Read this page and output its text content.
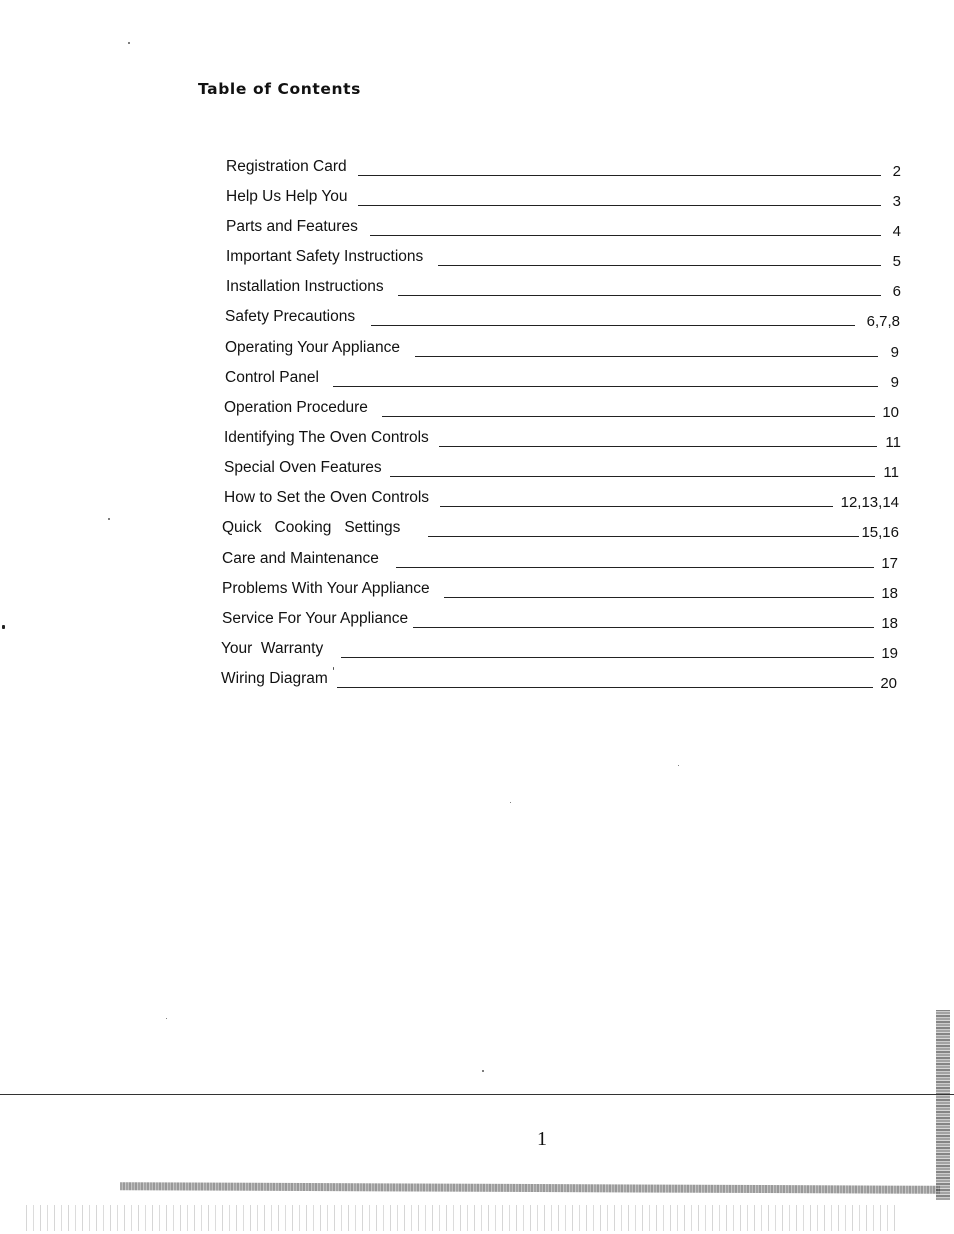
Table of Contents
Registration Card	2
Help Us Help You	3
Parts and Features	4
Important Safety Instructions	5
Installation Instructions	6
Safety Precautions	6,7,8
Operating Your Appliance	9
Control Panel	9
Operation Procedure	10
Identifying The Oven Controls	11
Special Oven Features	11
How to Set the Oven Controls	12,13,14
Quick   Cooking   Settings	15,16
Care and Maintenance	17
Problems With Your Appliance	18
Service For Your Appliance	18
Your  Warranty	19
Wiring Diagram	20
1
